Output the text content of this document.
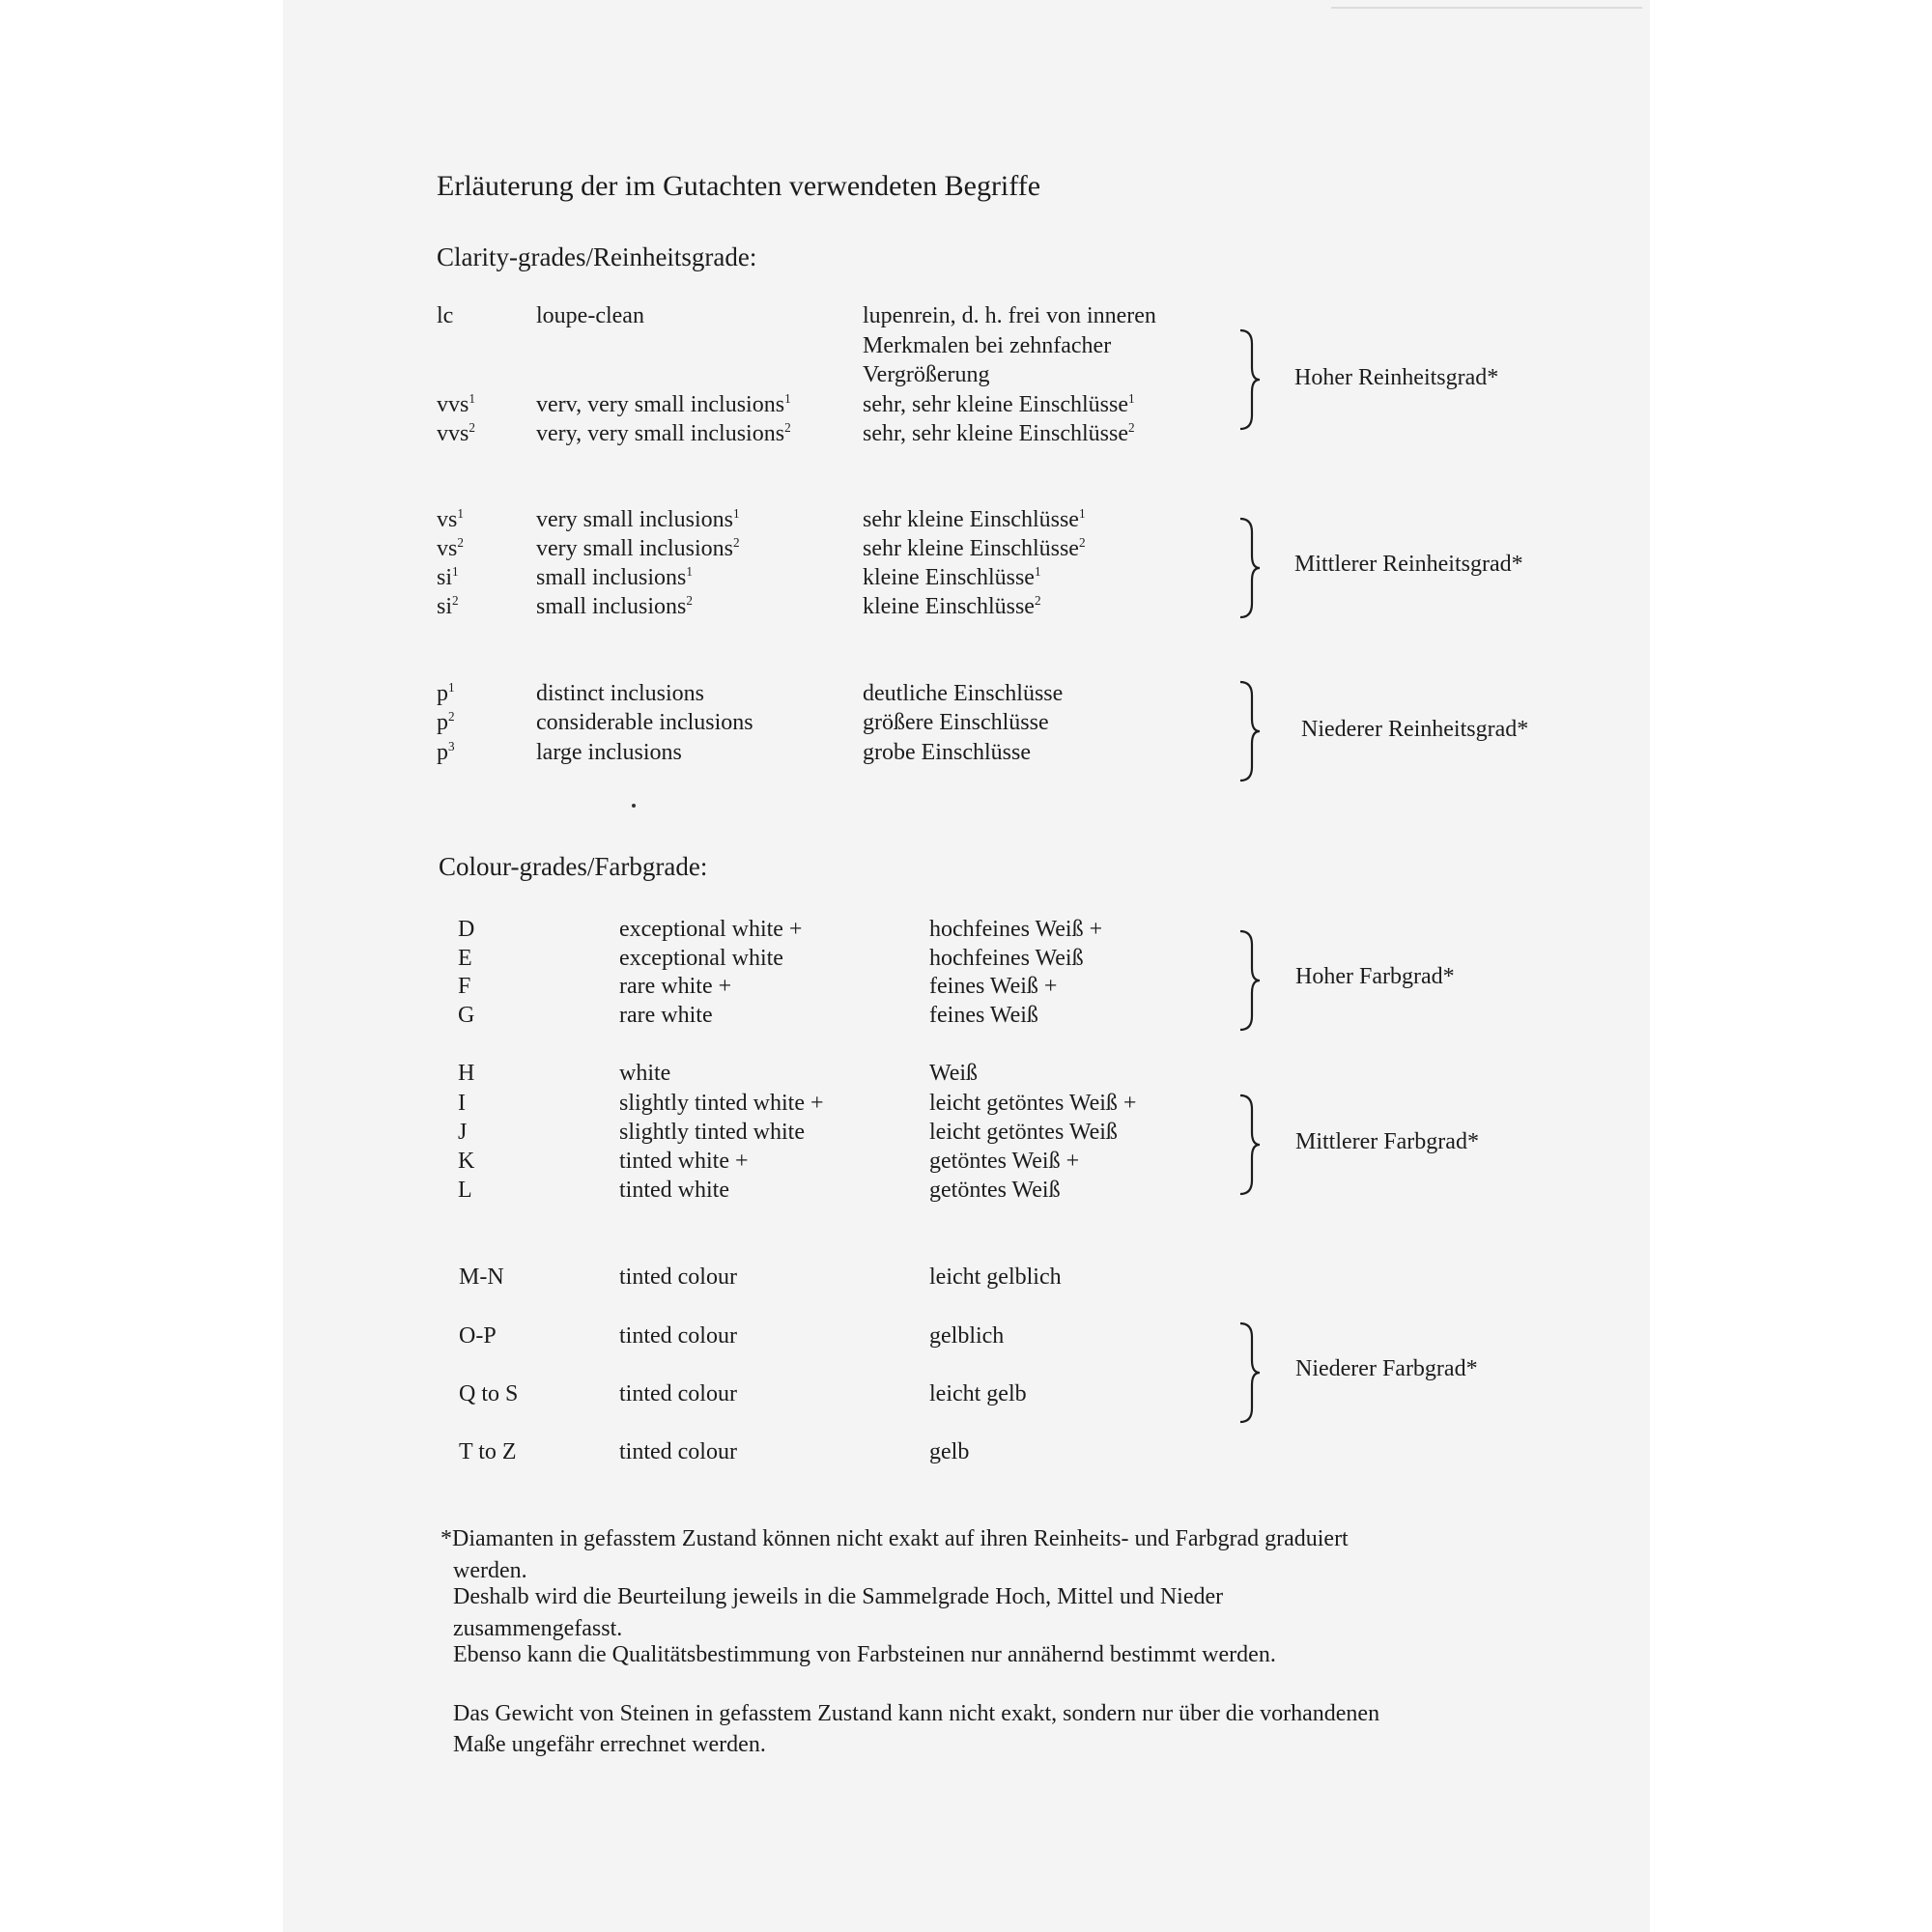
Erläuterung der im Gutachten verwendeten Begriffe
Clarity-grades/Reinheitsgrade:
lc	loupe-clean	lupenrein, d. h. frei von inneren
Merkmalen bei zehnfacher
Vergrößerung
vvs$^1$	verv, very small inclusions$^1$	sehr, sehr kleine Einschlüsse$^1$
vvs$^2$	very, very small inclusions$^2$	sehr, sehr kleine Einschlüsse$^2$
$vs^1$	very small inclusions$^1$	sehr kleine Einschlüsse$^1$
$vs^2$	very small inclusions$^2$	sehr kleine Einschlüsse$^2$
$si^1$	small inclusions$^1$	kleine Einschlüsse$^1$
$si^2$	small inclusions$^2$	kleine Einschlüsse$^2$
$p^1$	distinct inclusions	deutliche Einschlüsse
$p^2$	considerable inclusions	größere Einschlüsse
$p^3$	large inclusions	grobe Einschlüsse
Hoher Reinheitsgrad*
Mittlerer Reinheitsgrad*
Niederer Reinheitsgrad*
Colour-grades/Farbgrade:
D	exceptional white +	hochfeines Weiß +
E	exceptional white	hochfeines Weiß
F	rare white +	feines Weiß +
G	rare white	feines Weiß
H	white	Weiß
I	slightly tinted white +	leicht getöntes Weiß +
J	slightly tinted white	leicht getöntes Weiß
K	tinted white +	getöntes Weiß +
L	tinted white	getöntes Weiß
M-N	tinted colour	leicht gelblich
O-P	tinted colour	gelblich
Q to S	tinted colour	leicht gelb
T to Z	tinted colour	gelb
Hoher Farbgrad*
Mittlerer Farbgrad*
Niederer Farbgrad*
*Diamanten in gefasstem Zustand können nicht exakt auf ihren Reinheits- und Farbgrad graduiert
werden.
Deshalb wird die Beurteilung jeweils in die Sammelgrade Hoch, Mittel und Nieder
zusammengefasst.
Ebenso kann die Qualitätsbestimmung von Farbsteinen nur annähernd bestimmt werden.
Das Gewicht von Steinen in gefasstem Zustand kann nicht exakt, sondern nur über die vorhandenen
Maße ungefähr errechnet werden.
